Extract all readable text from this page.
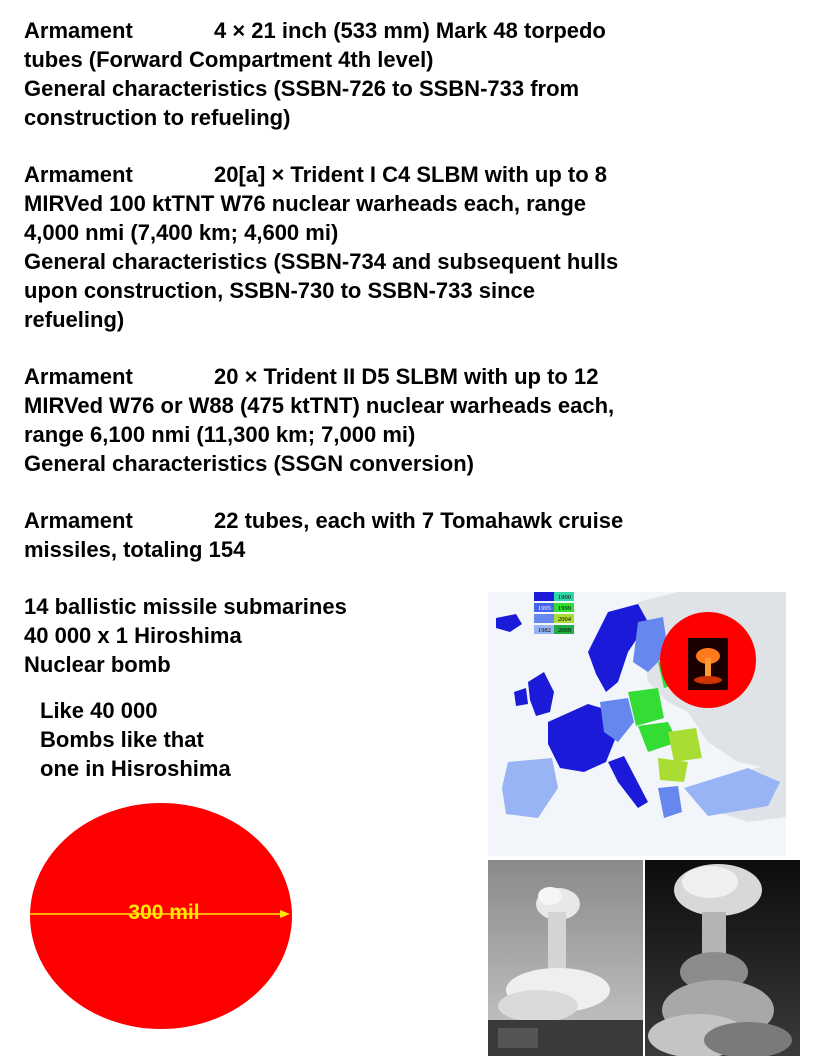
Armament	4 × 21 inch (533 mm) Mark 48 torpedo
tubes (Forward Compartment 4th level)
General characteristics (SSBN-726 to SSBN-733 from
construction to refueling)
Armament	20[a] × Trident I C4 SLBM with up to 8
MIRVed 100 ktTNT W76 nuclear warheads each, range
4,000 nmi (7,400 km; 4,600 mi)
General characteristics (SSBN-734 and subsequent hulls
upon construction, SSBN-730 to SSBN-733 since
refueling)
Armament	20 × Trident II D5 SLBM with up to 12
MIRVed W76 or W88 (475 ktTNT) nuclear warheads each,
range 6,100 nmi (11,300 km; 7,000 mi)
General characteristics (SSGN conversion)
Armament	22 tubes, each with 7 Tomahawk cruise
missiles, totaling 154
14 ballistic missile submarines
40 000 x 1 Hiroshima
Nuclear bomb
Like 40 000
Bombs like that
one in Hisroshima
1990
1995 1999
2004
1982 2009
300 mil
